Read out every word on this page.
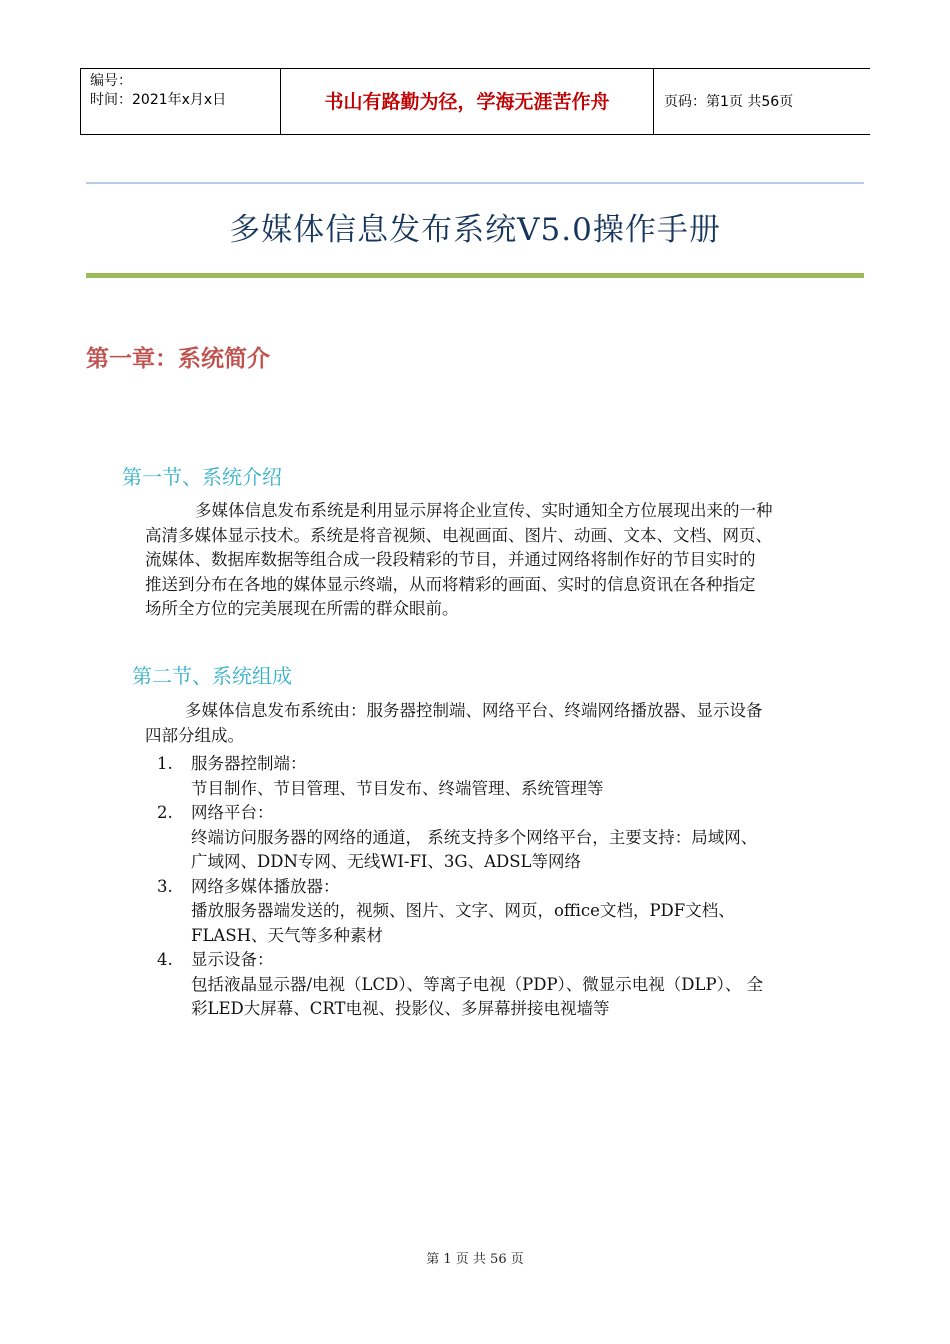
编号：
时间：2021年x月x日	书山有路勤为径，学海无涯苦作舟	页码：第1页 共56页
多媒体信息发布系统V5.0操作手册
第一章：系统简介
第一节、系统介绍
多媒体信息发布系统是利用显示屏将企业宣传、实时通知全方位展现出来的一种
高清多媒体显示技术。系统是将音视频、电视画面、图片、动画、文本、文档、网页、
流媒体、数据库数据等组合成一段段精彩的节目，并通过网络将制作好的节目实时的
推送到分布在各地的媒体显示终端，从而将精彩的画面、实时的信息资讯在各种指定
场所全方位的完美展现在所需的群众眼前。
第二节、系统组成
多媒体信息发布系统由：服务器控制端、网络平台、终端网络播放器、显示设备
四部分组成。
1. 服务器控制端：
节目制作、节目管理、节目发布、终端管理、系统管理等
2. 网络平台：
终端访问服务器的网络的通道， 系统支持多个网络平台，主要支持：局域网、
广域网、DDN专网、无线WI-FI、3G、ADSL等网络
3. 网络多媒体播放器：
播放服务器端发送的，视频、图片、文字、网页，office文档，PDF文档、
FLASH、天气等多种素材
4. 显示设备：
包括液晶显示器/电视（LCD）、等离子电视（PDP）、微显示电视（DLP）、 全
彩LED大屏幕、CRT电视、投影仪、多屏幕拼接电视墙等
第 1 页 共 56 页
